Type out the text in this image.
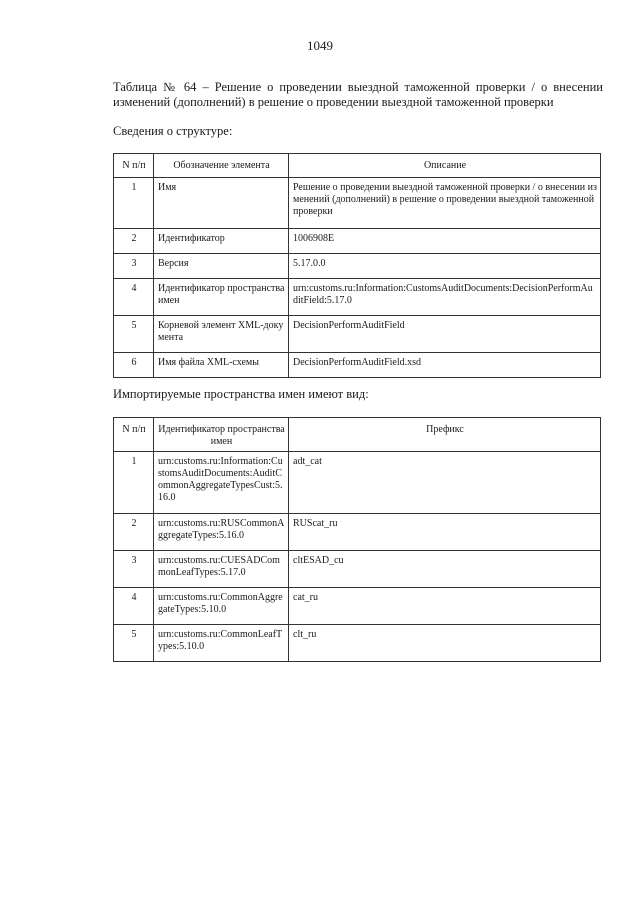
1049
Таблица № 64 – Решение о проведении выездной таможенной проверки / о внесении изменений (дополнений) в решение о проведении выездной таможенной проверки
Сведения о структуре:
N п/п	Обозначение элемента	Описание
1	Имя	Решение о проведении выездной таможенной проверки / о внесении изменений (дополнений) в решение о проведении выездной таможенной проверки
2	Идентификатор	1006908E
3	Версия	5.17.0.0
4	Идентификатор пространства имен	urn:customs.ru:Information:CustomsAuditDocuments:DecisionPerformAuditField:5.17.0
5	Корневой элемент XML-документа	DecisionPerformAuditField
6	Имя файла XML-схемы	DecisionPerformAuditField.xsd
Импортируемые пространства имен имеют вид:
N п/п	Идентификатор пространства имен	Префикс
1	urn:customs.ru:Information:CustomsAuditDocuments:AuditCommonAggregateTypesCust:5.16.0	adt_cat
2	urn:customs.ru:RUSCommonAggregateTypes:5.16.0	RUScat_ru
3	urn:customs.ru:CUESADCommonLeafTypes:5.17.0	cltESAD_cu
4	urn:customs.ru:CommonAggregateTypes:5.10.0	cat_ru
5	urn:customs.ru:CommonLeafTypes:5.10.0	clt_ru
